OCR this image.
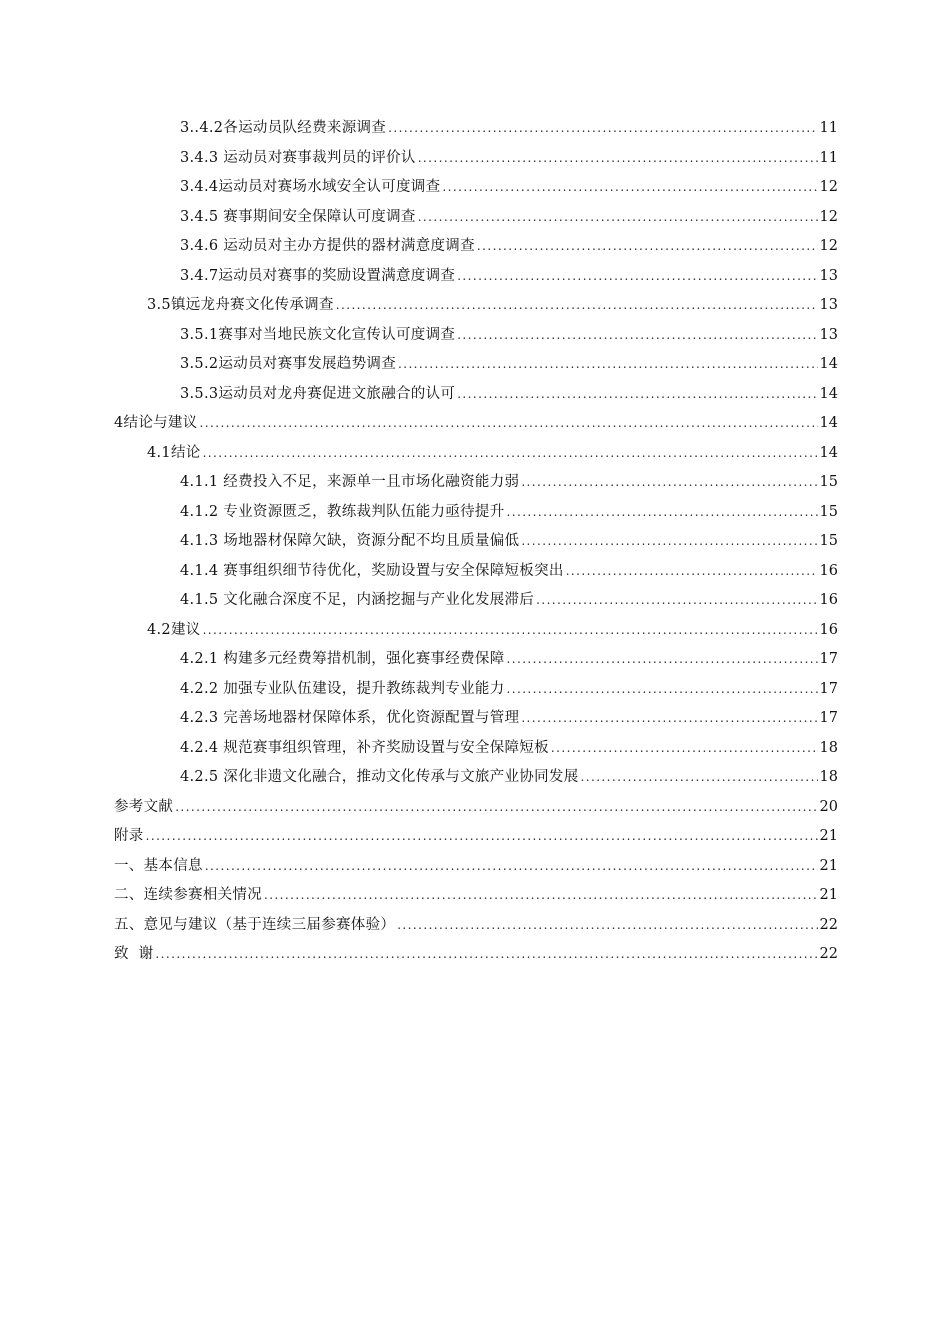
3..4.2各运动员队经费来源调查 . . .	11
3.4.3 运动员对赛事裁判员的评价认 . . .	11
3.4.4运动员对赛场水域安全认可度调查 . . .	12
3.4.5 赛事期间安全保障认可度调查 . . .	12
3.4.6 运动员对主办方提供的器材满意度调查 . . .	12
3.4.7运动员对赛事的奖励设置满意度调查 . . .	13
3.5镇远龙舟赛文化传承调查 . . .	13
3.5.1赛事对当地民族文化宣传认可度调查 . . .	13
3.5.2运动员对赛事发展趋势调查 . . .	14
3.5.3运动员对龙舟赛促进文旅融合的认可 . . .	14
4结论与建议 . . .	14
4.1结论 . . .	14
4.1.1 经费投入不足，来源单一且市场化融资能力弱 . . .	15
4.1.2 专业资源匮乏，教练裁判队伍能力亟待提升 . . .	15
4.1.3 场地器材保障欠缺，资源分配不均且质量偏低 . . .	15
4.1.4 赛事组织细节待优化，奖励设置与安全保障短板突出 . . .	16
4.1.5 文化融合深度不足，内涵挖掘与产业化发展滞后 . . .	16
4.2建议 . . .	16
4.2.1 构建多元经费筹措机制，强化赛事经费保障 . . .	17
4.2.2 加强专业队伍建设，提升教练裁判专业能力 . . .	17
4.2.3 完善场地器材保障体系，优化资源配置与管理 . . .	17
4.2.4 规范赛事组织管理，补齐奖励设置与安全保障短板 . . .	18
4.2.5 深化非遗文化融合，推动文化传承与文旅产业协同发展 . . .	18
参考文献 . . .	20
附录 . . .	21
一、基本信息 . . .	21
二、连续参赛相关情况 . . .	21
五、意见与建议（基于连续三届参赛体验） . . .	22
致  谢 . . .	22
